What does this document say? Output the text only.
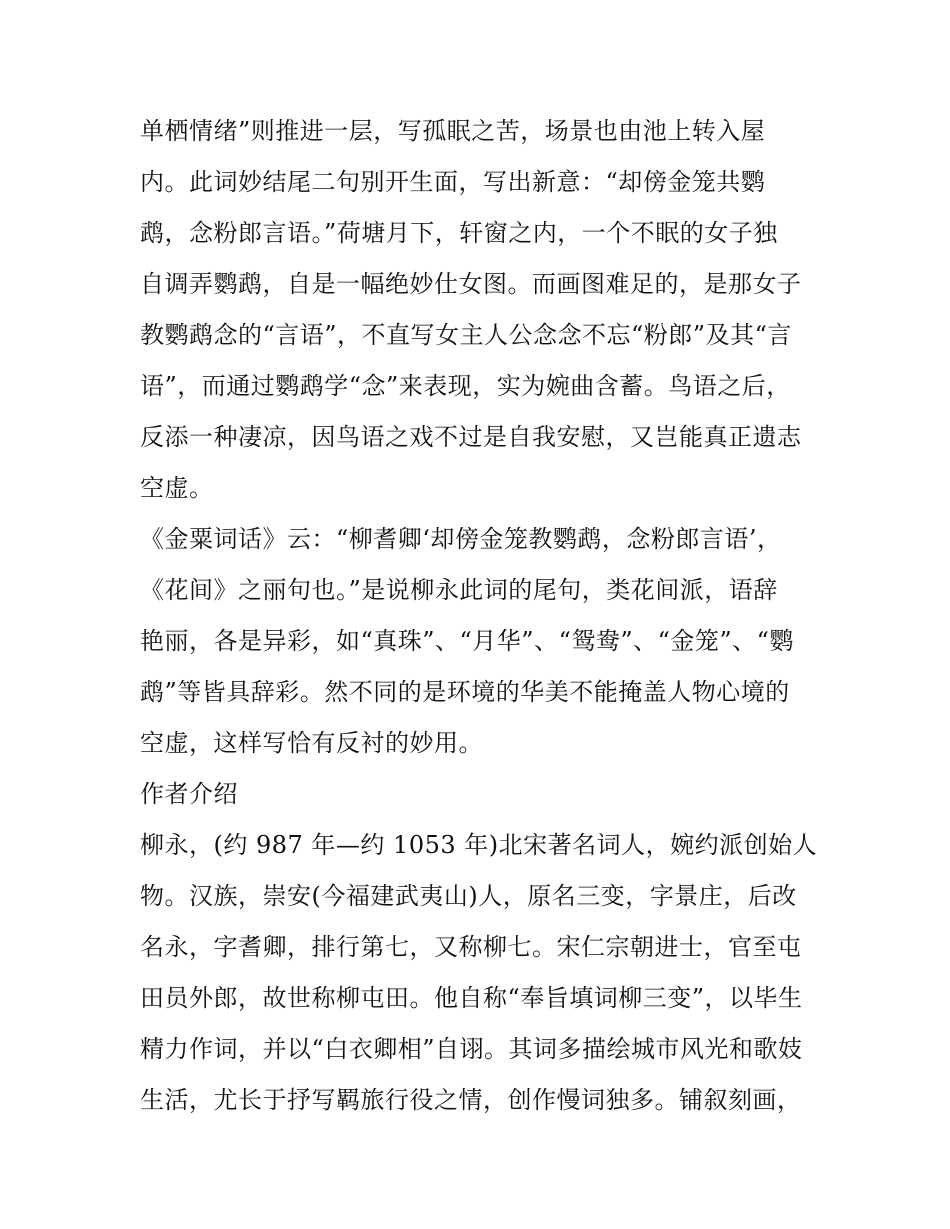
单栖情绪”则推进一层，写孤眠之苦，场景也由池上转入屋
内。此词妙结尾二句别开生面，写出新意：“却傍金笼共鹦
鹉，念粉郎言语。”荷塘月下，轩窗之内，一个不眠的女子独
自调弄鹦鹉，自是一幅绝妙仕女图。而画图难足的，是那女子
教鹦鹉念的“言语”，不直写女主人公念念不忘“粉郎”及其“言
语”，而通过鹦鹉学“念”来表现，实为婉曲含蓄。鸟语之后，
反添一种凄凉，因鸟语之戏不过是自我安慰，又岂能真正遗志
空虚。
《金粟词话》云：“柳耆卿‘却傍金笼教鹦鹉，念粉郎言语’，
《花间》之丽句也。”是说柳永此词的尾句，类花间派，语辞
艳丽，各是异彩，如“真珠”、“月华”、“鸳鸯”、“金笼”、“鹦
鹉”等皆具辞彩。然不同的是环境的华美不能掩盖人物心境的
空虚，这样写恰有反衬的妙用。
作者介绍
柳永，(约 987 年—约 1053 年)北宋著名词人，婉约派创始人
物。汉族，崇安(今福建武夷山)人，原名三变，字景庄，后改
名永，字耆卿，排行第七，又称柳七。宋仁宗朝进士，官至屯
田员外郎，故世称柳屯田。他自称“奉旨填词柳三变”，以毕生
精力作词，并以“白衣卿相”自诩。其词多描绘城市风光和歌妓
生活，尤长于抒写羁旅行役之情，创作慢词独多。铺叙刻画，
